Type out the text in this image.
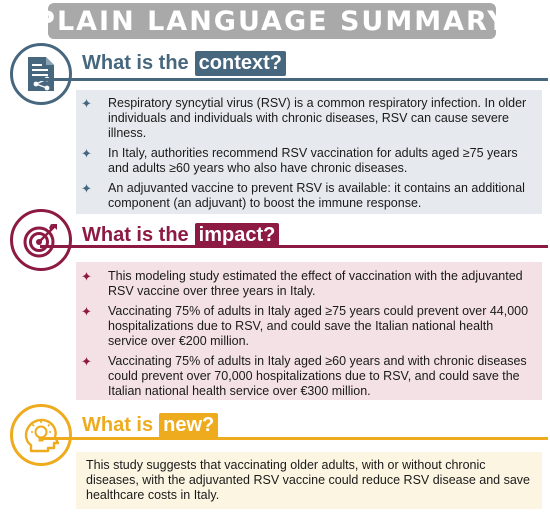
PLAIN LANGUAGE SUMMARY
What is the context?
✦ Respiratory syncytial virus (RSV) is a common respiratory infection. In older individuals and individuals with chronic diseases, RSV can cause severe illness.
✦ In Italy, authorities recommend RSV vaccination for adults aged ≥75 years and adults ≥60 years who also have chronic diseases.
✦ An adjuvanted vaccine to prevent RSV is available: it contains an additional component (an adjuvant) to boost the immune response.
What is the impact?
✦ This modeling study estimated the effect of vaccination with the adjuvanted RSV vaccine over three years in Italy.
✦ Vaccinating 75% of adults in Italy aged ≥75 years could prevent over 44,000 hospitalizations due to RSV, and could save the Italian national health service over €200 million.
✦ Vaccinating 75% of adults in Italy aged ≥60 years and with chronic diseases could prevent over 70,000 hospitalizations due to RSV, and could save the Italian national health service over €300 million.
What is new?

This study suggests that vaccinating older adults, with or without chronic diseases, with the adjuvanted RSV vaccine could reduce RSV disease and save healthcare costs in Italy.
